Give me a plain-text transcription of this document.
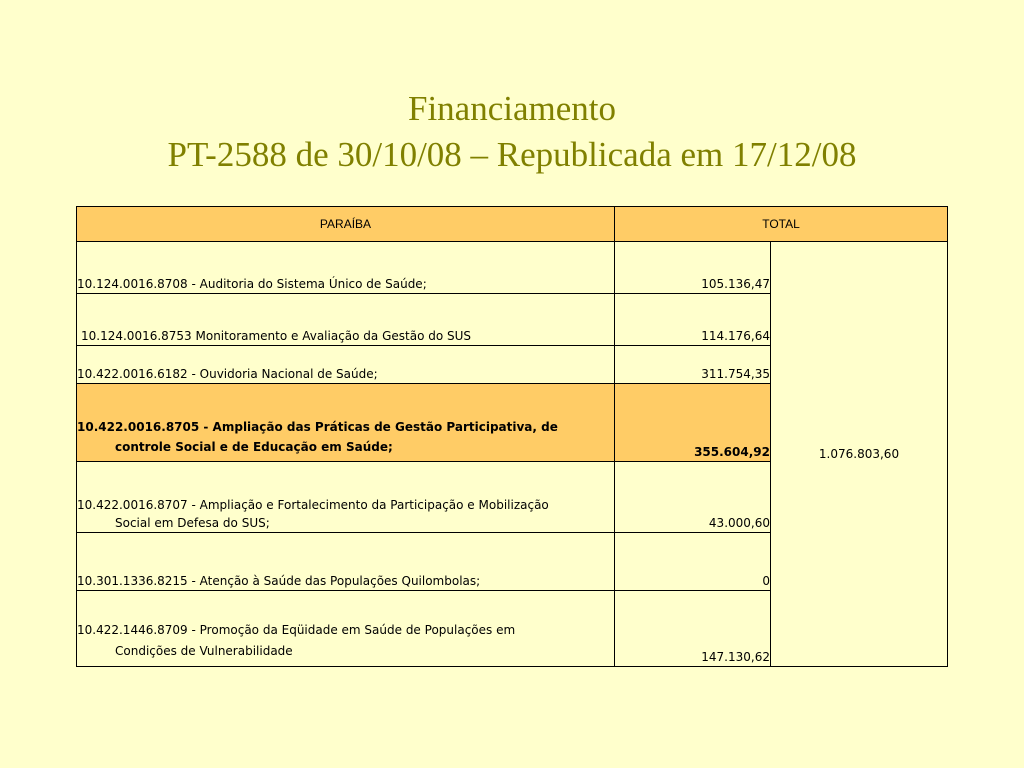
Financiamento
PT-2588 de 30/10/08 – Republicada em 17/12/08
PARAÍBA	TOTAL	

10.124.0016.8708 - Auditoria do Sistema Único de Saúde;	105.136,47	1.076.803,60

10.124.0016.8753 Monitoramento e Avaliação da Gestão do SUS	114.176,64	

10.422.0016.6182 - Ouvidoria Nacional de Saúde;	311.754,35	

10.422.0016.8705 - Ampliação das Práticas de Gestão Participativa, de
controle Social e de Educação em Saúde;	355.604,92	

10.422.0016.8707 - Ampliação e Fortalecimento da Participação e Mobilização
Social em Defesa do SUS;	43.000,60	

10.301.1336.8215 - Atenção à Saúde das Populações Quilombolas;	0	

10.422.1446.8709 - Promoção da Eqüidade em Saúde de Populações em
Condições de Vulnerabilidade	147.130,62	
